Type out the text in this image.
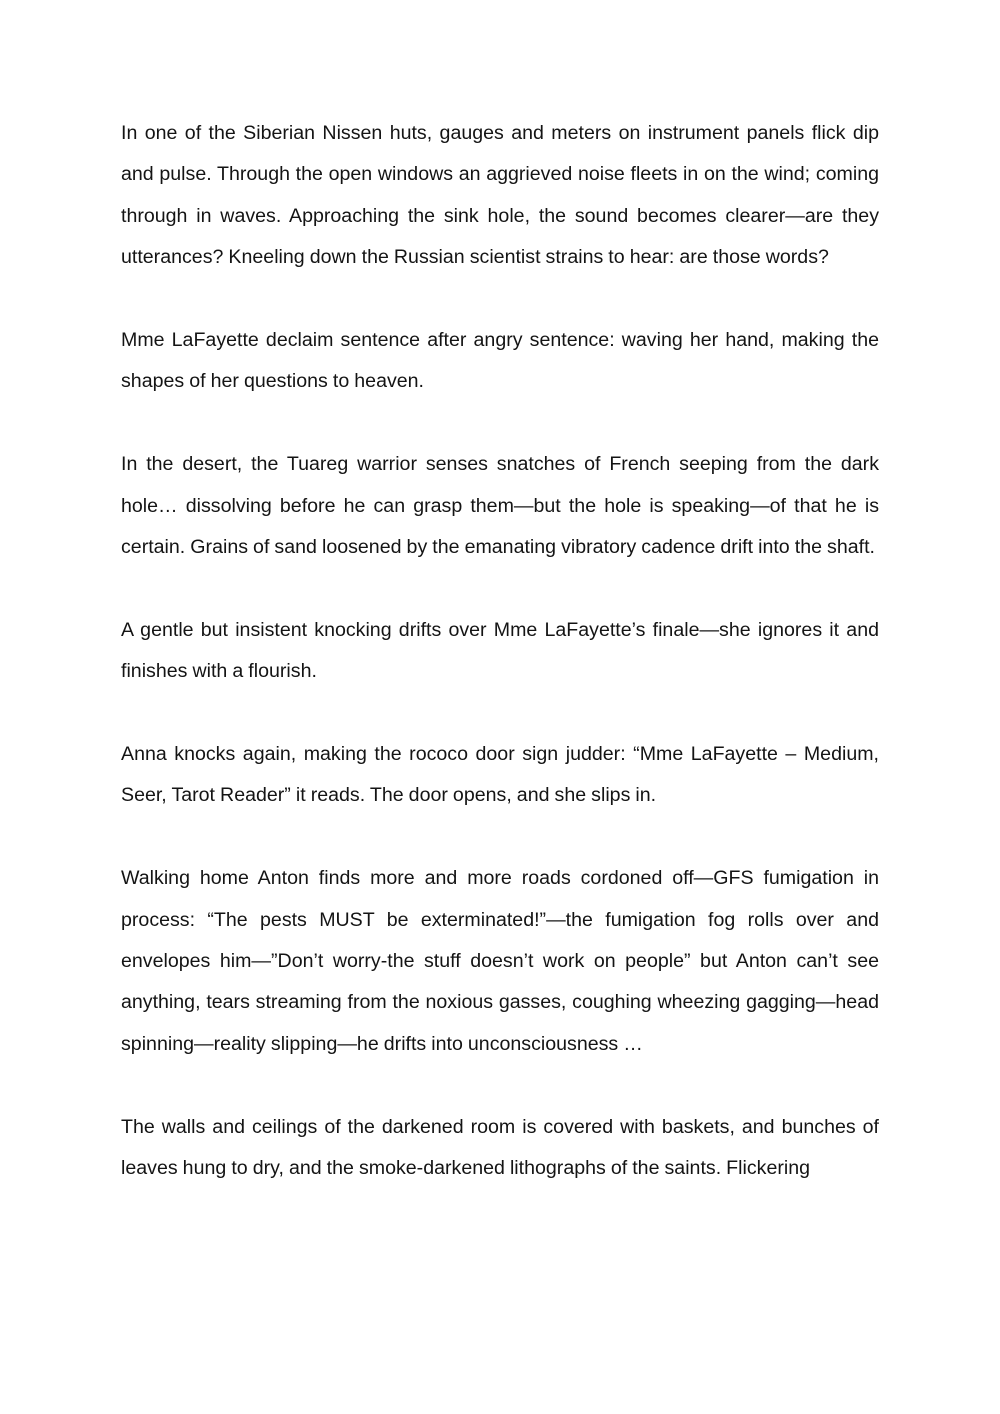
In one of the Siberian Nissen huts, gauges and meters on instrument panels flick dip and pulse. Through the open windows an aggrieved noise fleets in on the wind; coming through in waves. Approaching the sink hole, the sound becomes clearer—are they utterances? Kneeling down the Russian scientist strains to hear: are those words?

Mme LaFayette declaim sentence after angry sentence: waving her hand, making the shapes of her questions to heaven.

In the desert, the Tuareg warrior senses snatches of French seeping from the dark hole… dissolving before he can grasp them—but the hole is speaking—of that he is certain. Grains of sand loosened by the emanating vibratory cadence drift into the shaft.

A gentle but insistent knocking drifts over Mme LaFayette’s finale—she ignores it and finishes with a flourish.

Anna knocks again, making the rococo door sign judder: “Mme LaFayette – Medium, Seer, Tarot Reader” it reads. The door opens, and she slips in.

Walking home Anton finds more and more roads cordoned off—GFS fumigation in process: “The pests MUST be exterminated!”—the fumigation fog rolls over and envelopes him—”Don’t worry-the stuff doesn’t work on people” but Anton can’t see anything, tears streaming from the noxious gasses, coughing wheezing gagging—head spinning—reality slipping—he drifts into unconsciousness …

The walls and ceilings of the darkened room is covered with baskets, and bunches of leaves hung to dry, and the smoke-darkened lithographs of the saints. Flickering
